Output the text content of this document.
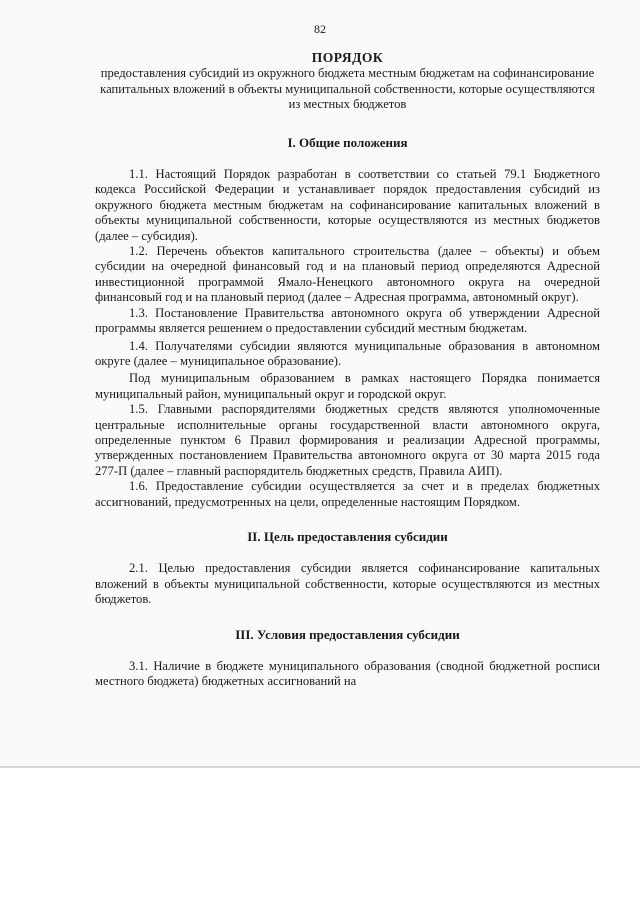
82
ПОРЯДОК
предоставления субсидий из окружного бюджета местным бюджетам на софинансирование капитальных вложений в объекты муниципальной собственности, которые осуществляются из местных бюджетов
I. Общие положения

1.1. Настоящий Порядок разработан в соответствии со статьей 79.1 Бюджетного кодекса Российской Федерации и устанавливает порядок предоставления субсидий из окружного бюджета местным бюджетам на софинансирование капитальных вложений в объекты муниципальной собственности, которые осуществляются из местных бюджетов (далее – субсидия).

1.2. Перечень объектов капитального строительства (далее – объекты) и объем субсидии на очередной финансовый год и на плановый период определяются Адресной инвестиционной программой Ямало-Ненецкого автономного округа на очередной финансовый год и на плановый период (далее – Адресная программа, автономный округ).

1.3. Постановление Правительства автономного округа об утверждении Адресной программы является решением о предоставлении субсидий местным бюджетам.

1.4. Получателями субсидии являются муниципальные образования в автономном округе (далее – муниципальное образование).

Под муниципальным образованием в рамках настоящего Порядка понимается муниципальный район, муниципальный округ и городской округ.

1.5. Главными распорядителями бюджетных средств являются уполномоченные центральные исполнительные органы государственной власти автономного округа, определенные пунктом 6 Правил формирования и реализации Адресной программы, утвержденных постановлением Правительства автономного округа от 30 марта 2015 года 277-П (далее – главный распорядитель бюджетных средств, Правила АИП).

1.6. Предоставление субсидии осуществляется за счет и в пределах бюджетных ассигнований, предусмотренных на цели, определенные настоящим Порядком.

II. Цель предоставления субсидии

2.1. Целью предоставления субсидии является софинансирование капитальных вложений в объекты муниципальной собственности, которые осуществляются из местных бюджетов.

III. Условия предоставления субсидии

3.1. Наличие в бюджете муниципального образования (сводной бюджетной росписи местного бюджета) бюджетных ассигнований на
